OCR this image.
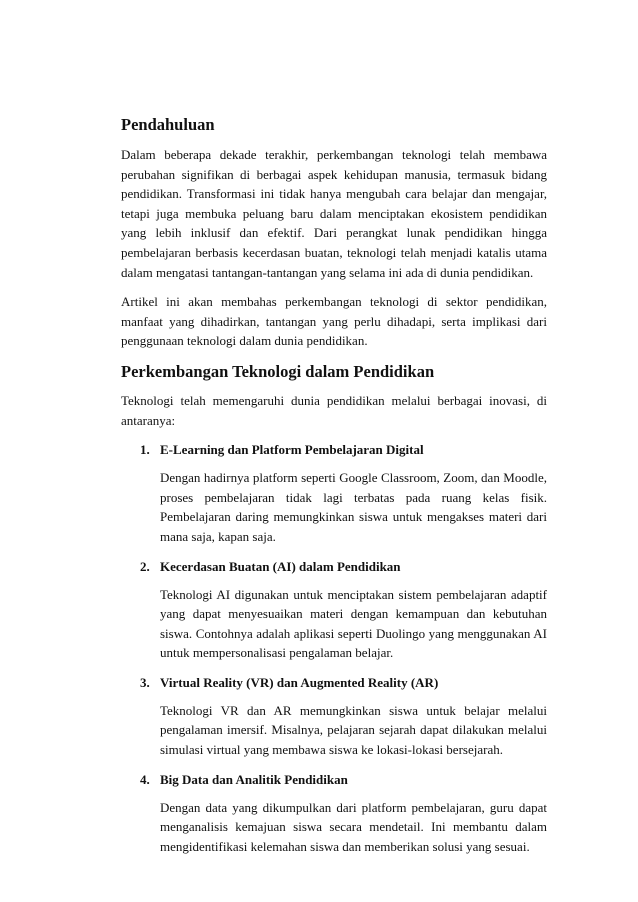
Pendahuluan

Dalam beberapa dekade terakhir, perkembangan teknologi telah membawa perubahan signifikan di berbagai aspek kehidupan manusia, termasuk bidang pendidikan. Transformasi ini tidak hanya mengubah cara belajar dan mengajar, tetapi juga membuka peluang baru dalam menciptakan ekosistem pendidikan yang lebih inklusif dan efektif. Dari perangkat lunak pendidikan hingga pembelajaran berbasis kecerdasan buatan, teknologi telah menjadi katalis utama dalam mengatasi tantangan-tantangan yang selama ini ada di dunia pendidikan.

Artikel ini akan membahas perkembangan teknologi di sektor pendidikan, manfaat yang dihadirkan, tantangan yang perlu dihadapi, serta implikasi dari penggunaan teknologi dalam dunia pendidikan.

Perkembangan Teknologi dalam Pendidikan

Teknologi telah memengaruhi dunia pendidikan melalui berbagai inovasi, di antaranya:

1. E-Learning dan Platform Pembelajaran Digital

Dengan hadirnya platform seperti Google Classroom, Zoom, dan Moodle, proses pembelajaran tidak lagi terbatas pada ruang kelas fisik. Pembelajaran daring memungkinkan siswa untuk mengakses materi dari mana saja, kapan saja.

2. Kecerdasan Buatan (AI) dalam Pendidikan

Teknologi AI digunakan untuk menciptakan sistem pembelajaran adaptif yang dapat menyesuaikan materi dengan kemampuan dan kebutuhan siswa. Contohnya adalah aplikasi seperti Duolingo yang menggunakan AI untuk mempersonalisasi pengalaman belajar.

3. Virtual Reality (VR) dan Augmented Reality (AR)

Teknologi VR dan AR memungkinkan siswa untuk belajar melalui pengalaman imersif. Misalnya, pelajaran sejarah dapat dilakukan melalui simulasi virtual yang membawa siswa ke lokasi-lokasi bersejarah.

4. Big Data dan Analitik Pendidikan

Dengan data yang dikumpulkan dari platform pembelajaran, guru dapat menganalisis kemajuan siswa secara mendetail. Ini membantu dalam mengidentifikasi kelemahan siswa dan memberikan solusi yang sesuai.
